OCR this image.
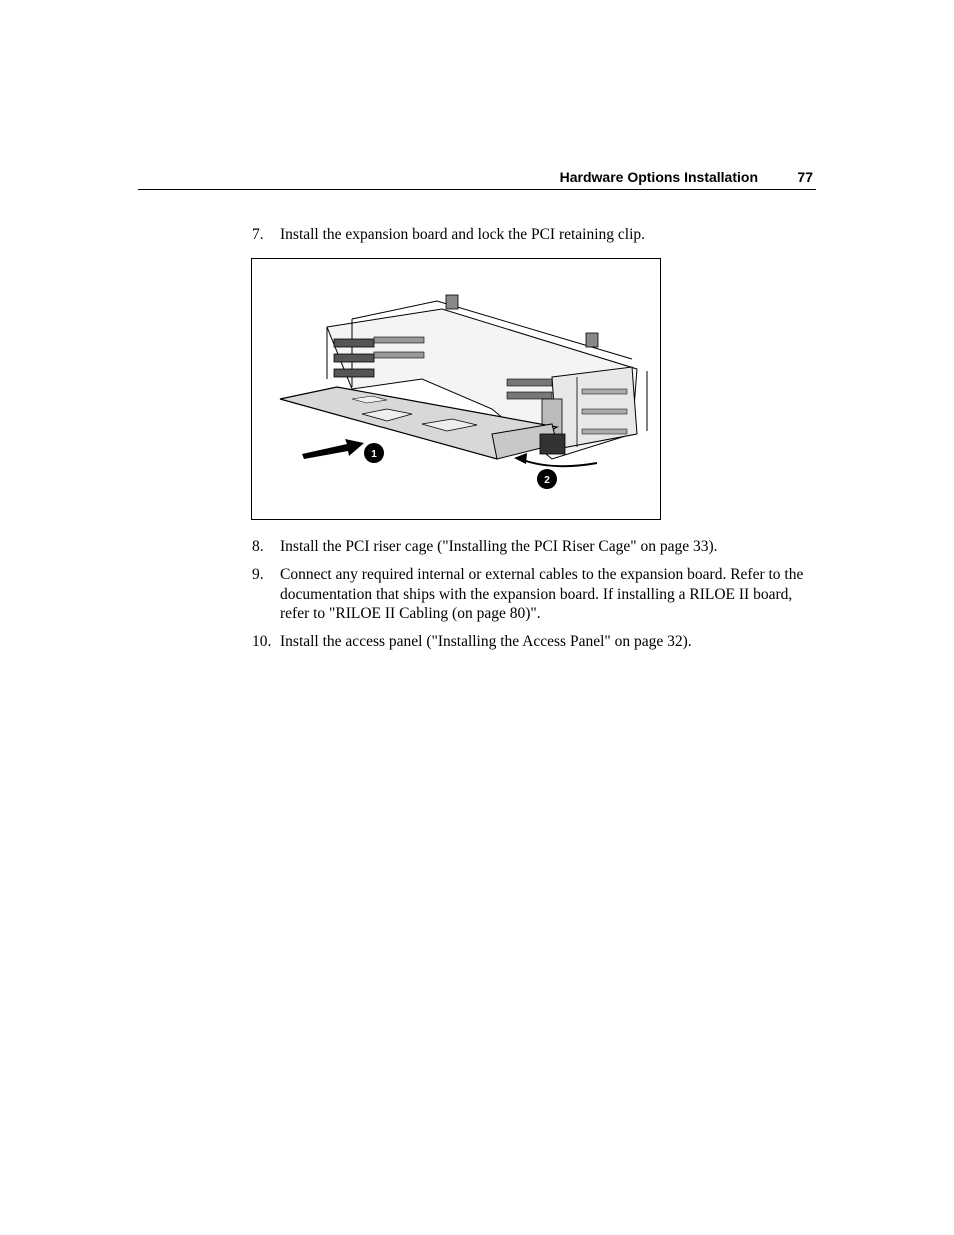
Hardware Options Installation	77
7. Install the expansion board and lock the PCI retaining clip.
1
2
8. Install the PCI riser cage ("Installing the PCI Riser Cage" on page 33).
9. Connect any required internal or external cables to the expansion board. Refer to the documentation that ships with the expansion board. If installing a RILOE II board, refer to "RILOE II Cabling (on page 80)".
10. Install the access panel ("Installing the Access Panel" on page 32).
